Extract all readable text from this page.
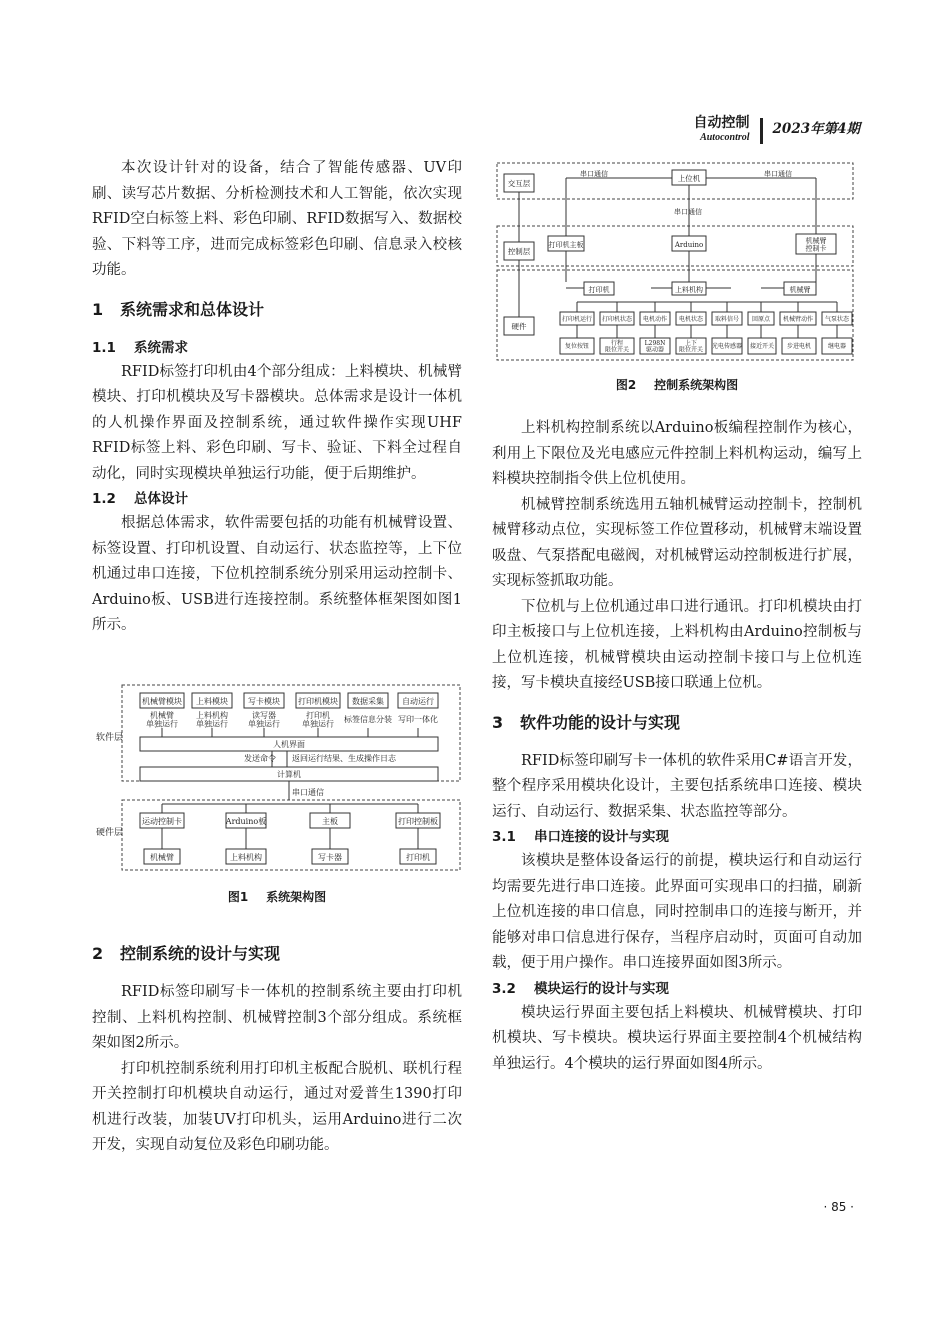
自动控制
Autocontrol
2023年第4期

本次设计针对的设备，结合了智能传感器、UV印刷、读写芯片数据、分析检测技术和人工智能，依次实现RFID空白标签上料、彩色印刷、RFID数据写入、数据校验、下料等工序，进而完成标签彩色印刷、信息录入校核功能。

1 系统需求和总体设计

1.1 系统需求

RFID标签打印机由4个部分组成：上料模块、机械臂模块、打印机模块及写卡器模块。总体需求是设计一体机的人机操作界面及控制系统，通过软件操作实现UHF RFID标签上料、彩色印刷、写卡、验证、下料全过程自动化，同时实现模块单独运行功能，便于后期维护。

1.2 总体设计

根据总体需求，软件需要包括的功能有机械臂设置、标签设置、打印机设置、自动运行、状态监控等，上下位机通过串口连接，下位机控制系统分别采用运动控制卡、Arduino板、USB进行连接控制。系统整体框架图如图1所示。

软件层
硬件层
机械臂模块 上料模块	写卡模块 打印机模块 数据采集 自动运行
机械臂单独运行
上料机构单独运行
读写器单独运行
打印机单独运行 标签信息分装 写印一体化
人机界面
发送命令 返回运行结果、生成操作日志
计算机
串口通信
运动控制卡	Arduino板	主板	打印控制板
机械臂	上料机构	写卡器	打印机

图1 系统架构图

2 控制系统的设计与实现

RFID标签印刷写卡一体机的控制系统主要由打印机控制、上料机构控制、机械臂控制3个部分组成。系统框架如图2所示。

打印机控制系统利用打印机主板配合脱机、联机行程开关控制打印机模块自动运行，通过对爱普生1390打印机进行改装，加装UV打印机头，运用Arduino进行二次开发，实现自动复位及彩色印刷功能。

交互层
控制层
硬件
上位机
串口通信	串口通信
串口通信
打印机主板	Arduino	机械臂控制卡
打印机	上料机构	机械臂
打印机运行 打印机状态 电机动作 电机状态 取料信号 回原点 机械臂动作 气泵状态
复位按钮	行程限位开关
L298N 驱动器
上下限位开关 光电传感器 接近开关 步进电机	继电器

图2 控制系统架构图

上料机构控制系统以Arduino板编程控制作为核心，利用上下限位及光电感应元件控制上料机构运动，编写上料模块控制指令供上位机使用。

机械臂控制系统选用五轴机械臂运动控制卡，控制机械臂移动点位，实现标签工作位置移动，机械臂末端设置吸盘、气泵搭配电磁阀，对机械臂运动控制板进行扩展，实现标签抓取功能。

下位机与上位机通过串口进行通讯。打印机模块由打印主板接口与上位机连接，上料机构由Arduino控制板与上位机连接，机械臂模块由运动控制卡接口与上位机连接，写卡模块直接经USB接口联通上位机。

3 软件功能的设计与实现

RFID标签印刷写卡一体机的软件采用C#语言开发，整个程序采用模块化设计，主要包括系统串口连接、模块运行、自动运行、数据采集、状态监控等部分。

3.1 串口连接的设计与实现

该模块是整体设备运行的前提，模块运行和自动运行均需要先进行串口连接。此界面可实现串口的扫描，刷新上位机连接的串口信息，同时控制串口的连接与断开，并能够对串口信息进行保存，当程序启动时，页面可自动加载，便于用户操作。串口连接界面如图3所示。

3.2 模块运行的设计与实现

模块运行界面主要包括上料模块、机械臂模块、打印机模块、写卡模块。模块运行界面主要控制4个机械结构单独运行。4个模块的运行界面如图4所示。

· 85 ·
